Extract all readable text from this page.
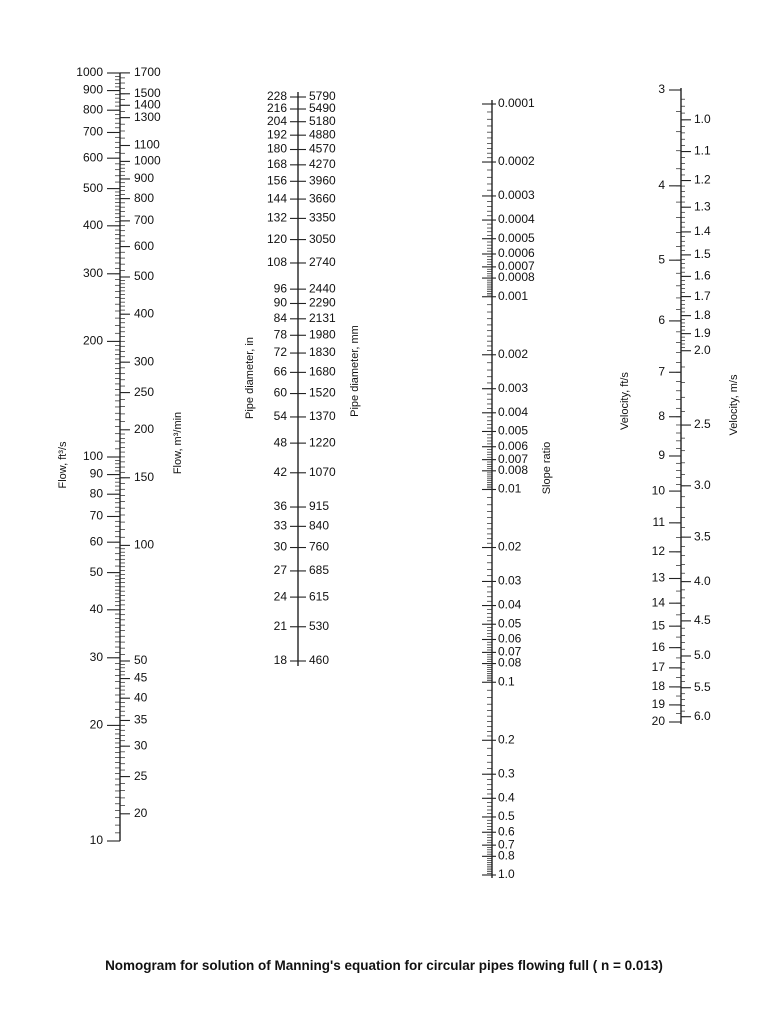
1000
900
800
700
600
500
400
300
200
100
90
80
70
60
50
40
30
20
10
1700
1500
1300
1400
1100
1000
900
800
700
600
500
400
300
250
200
150
100
50
45
40
35
30
25
20
Flow, ft³/s	Flow, m³/min
228 5790
216 5490
204 5180
192 4880
180 4570
168 4270
156 3960
144 3660
132 3350
120 3050
108 2740
96 2440
90 2290
84 2131
78 1980
72 1830
66 1680
60 1520
54 1370
48 1220
42 1070
36 915
33 840
30 760
27 685
24 615
21 530
18 460
Pipe diameter, in	Pipe diameter, mm
0.0001
0.0002
0.0003
0.0004
0.0005
0.0006
0.0007
0.0008
0.001
0.002
0.003
0.004
0.005
0.006
0.007
0.008
0.01
0.02
0.03
0.04
0.05
0.06
0.07
0.08
0.1
0.2
0.3
0.4
0.5
0.6
0.7
0.8
1.0
Slope ratio
3
4
5
6
7
8
9
10
11
12
13
14
15
16
17
18
19
20
1.0
1.1
1.2
1.3
1.4
1.5
1.6
1.7
1.8
1.9
2.0
2.5
3.0
3.5
4.0
4.5
5.0
5.5
6.0
Velocity, ft/s	Velocity, m/s
Nomogram for solution of Manning's equation for circular pipes flowing full ( n = 0.013)
